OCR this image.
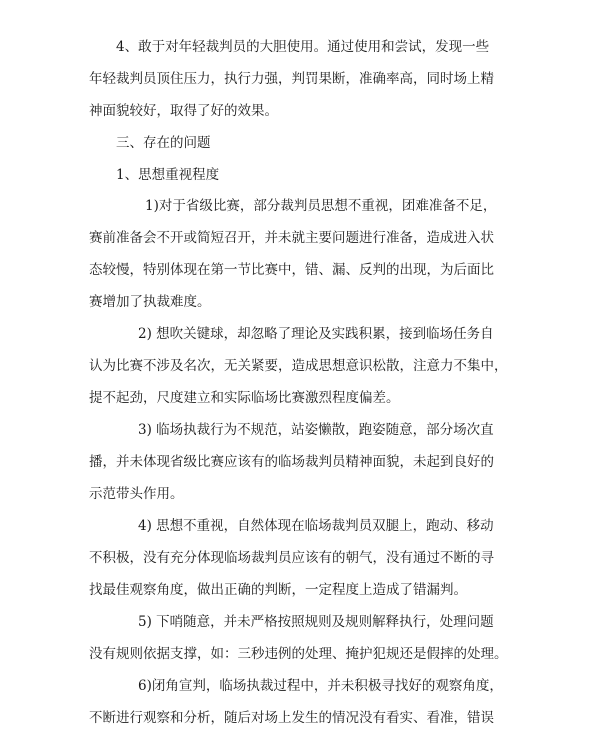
4、敢于对年轻裁判员的大胆使用。通过使用和尝试，发现一些
年轻裁判员顶住压力，执行力强，判罚果断，准确率高，同时场上精
神面貌较好，取得了好的效果。
三、存在的问题
1、思想重视程度
1)对于省级比赛，部分裁判员思想不重视，团难准备不足，
赛前准备会不开或简短召开，并未就主要问题进行准备，造成进入状
态较慢，特别体现在第一节比赛中，错、漏、反判的出现，为后面比
赛增加了执裁难度。
2) 想吹关键球，却忽略了理论及实践积累，接到临场任务自
认为比赛不涉及名次，无关紧要，造成思想意识松散，注意力不集中，
提不起劲，尺度建立和实际临场比赛激烈程度偏差。
3) 临场执裁行为不规范，站姿懒散，跑姿随意，部分场次直
播，并未体现省级比赛应该有的临场裁判员精神面貌，未起到良好的
示范带头作用。
4) 思想不重视，自然体现在临场裁判员双腿上，跑动、移动
不积极，没有充分体现临场裁判员应该有的朝气，没有通过不断的寻
找最佳观察角度，做出正确的判断，一定程度上造成了错漏判。
5) 下哨随意，并未严格按照规则及规则解释执行，处理问题
没有规则依据支撑，如：三秒违例的处理、掩护犯规还是假摔的处理。
6)闭角宣判，临场执裁过程中，并未积极寻找好的观察角度，
不断进行观察和分析，随后对场上发生的情况没有看实、看准，错误
